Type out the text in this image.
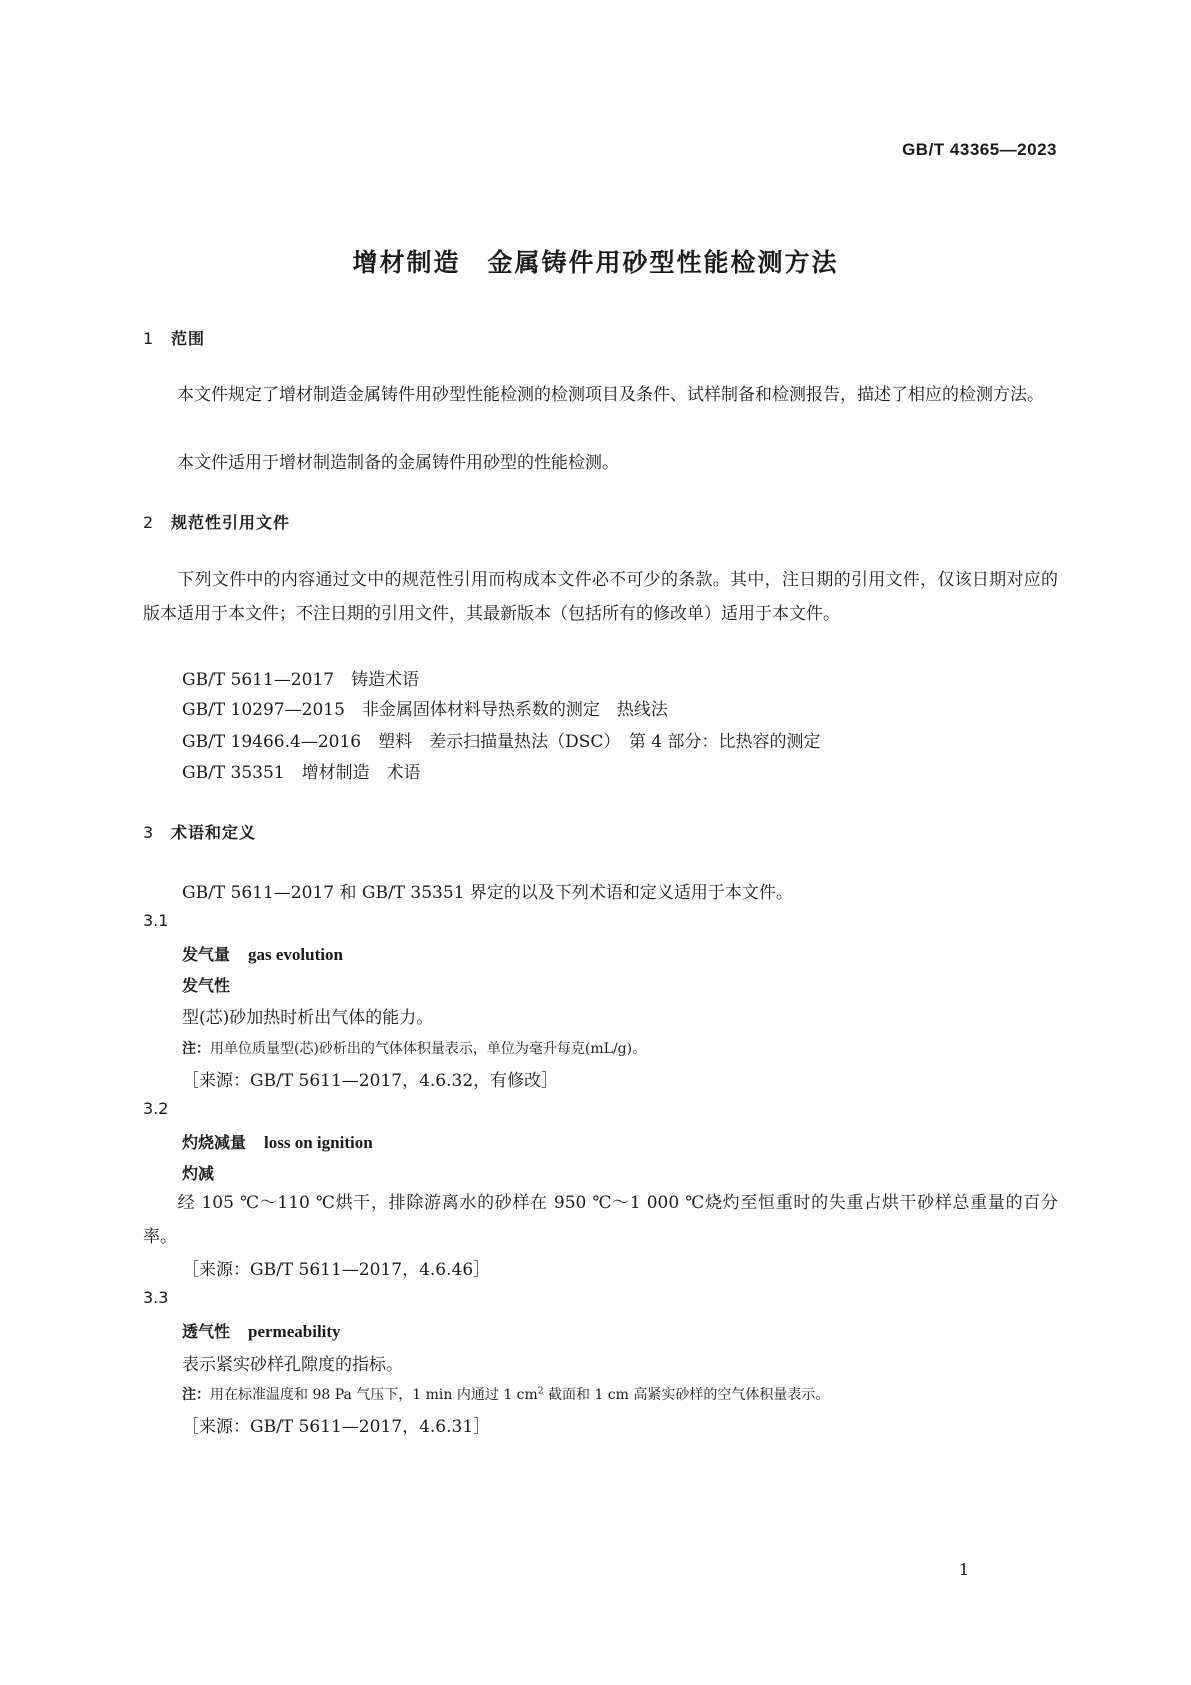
GB/T 43365—2023
增材制造　金属铸件用砂型性能检测方法
1 范围
本文件规定了增材制造金属铸件用砂型性能检测的检测项目及条件、试样制备和检测报告，描述了相应的检测方法。
本文件适用于增材制造制备的金属铸件用砂型的性能检测。
2 规范性引用文件
下列文件中的内容通过文中的规范性引用而构成本文件必不可少的条款。其中，注日期的引用文件，仅该日期对应的版本适用于本文件；不注日期的引用文件，其最新版本（包括所有的修改单）适用于本文件。
GB/T 5611—2017　铸造术语
GB/T 10297—2015　非金属固体材料导热系数的测定　热线法
GB/T 19466.4—2016　塑料　差示扫描量热法（DSC）　第 4 部分：比热容的测定
GB/T 35351　增材制造　术语
3 术语和定义
GB/T 5611—2017 和 GB/T 35351 界定的以及下列术语和定义适用于本文件。
3.1
发气量 gas evolution
发气性
型(芯)砂加热时析出气体的能力。
注：用单位质量型(芯)砂析出的气体体积量表示，单位为毫升每克(mL/g)。
［来源：GB/T 5611—2017，4.6.32，有修改］
3.2
灼烧减量 loss on ignition
灼减
经 105 ℃～110 ℃烘干，排除游离水的砂样在 950 ℃～1 000 ℃烧灼至恒重时的失重占烘干砂样总重量的百分率。
［来源：GB/T 5611—2017，4.6.46］
3.3
透气性 permeability
表示紧实砂样孔隙度的指标。
注：用在标准温度和 98 Pa 气压下，1 min 内通过 1 $cm^2$ 截面和 1 cm 高紧实砂样的空气体积量表示。
［来源：GB/T 5611—2017，4.6.31］
1
